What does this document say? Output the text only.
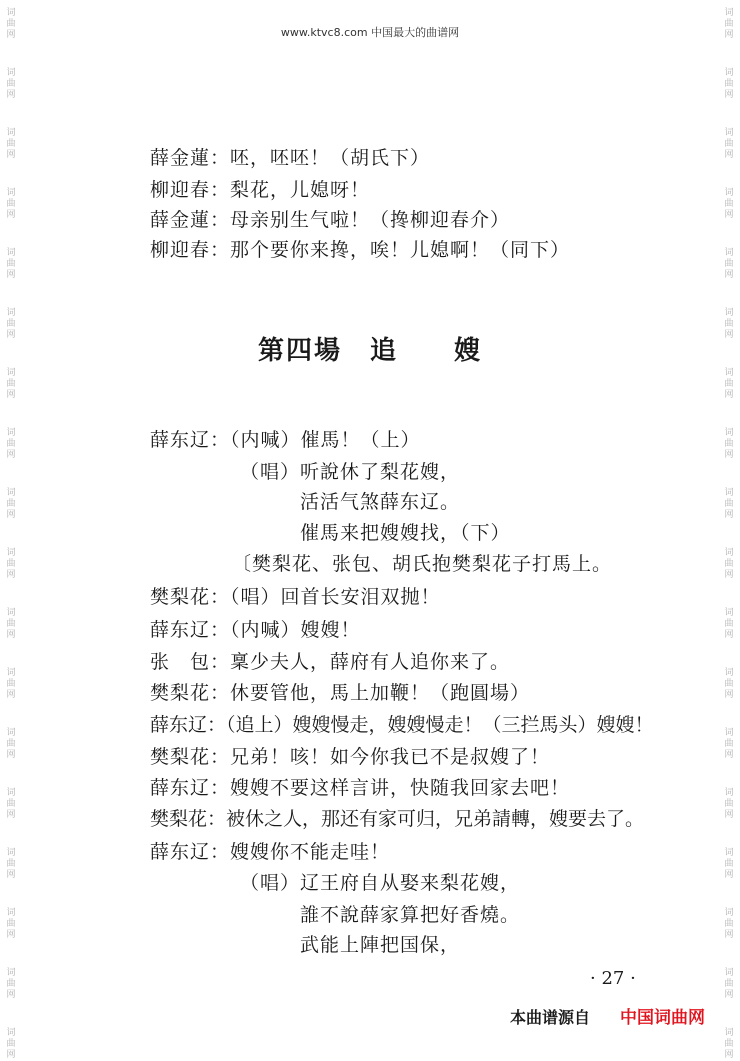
www.ktvc8.com 中国最大的曲谱网
词
曲
网
词
曲
网
词
曲
网
词
曲
网
词
曲
网
词
曲
网
词
曲
网
词
曲
网
词
曲
网
词
曲
网
词
曲
网
词
曲
网
词
曲
网
词
曲
网
词
曲
网
词
曲
网
词
曲
网
词
曲
网
词
曲
网
词
曲
网
词
曲
网
词
曲
网
词
曲
网
词
曲
网
词
曲
网
词
曲
网
词
曲
网
词
曲
网
词
曲
网
词
曲
网
词
曲
网
词
曲
网
词
曲
网
词
曲
网
词
曲
网
词
曲
网
薛金蓮：呸，呸呸！（胡氏下）
柳迎春：梨花，儿媳呀！
薛金蓮：母亲别生气啦！（搀柳迎春介）
柳迎春：那个要你来搀，唉！儿媳啊！（同下）
第四場　追　　嫂
薛东辽：（内喊）催馬！（上）
（唱）听說休了梨花嫂，
活活气煞薛东辽。
催馬来把嫂嫂找，（下）
〔樊梨花、张包、胡氏抱樊梨花子打馬上。
樊梨花：（唱）回首长安泪双抛！
薛东辽：（内喊）嫂嫂！
张　包：稟少夫人，薛府有人追你来了。
樊梨花：休要管他，馬上加鞭！（跑圓場）
薛东辽：（追上）嫂嫂慢走，嫂嫂慢走！（三拦馬头）嫂嫂！
樊梨花：兄弟！咳！如今你我已不是叔嫂了！
薛东辽：嫂嫂不要这样言讲，快随我回家去吧！
樊梨花：被休之人，那还有家可归，兄弟請轉，嫂要去了。
薛东辽：嫂嫂你不能走哇！
（唱）辽王府自从娶来梨花嫂，
誰不說薛家算把好香燒。
武能上陣把国保，
· 27 ·
本曲谱源自 中国词曲网
